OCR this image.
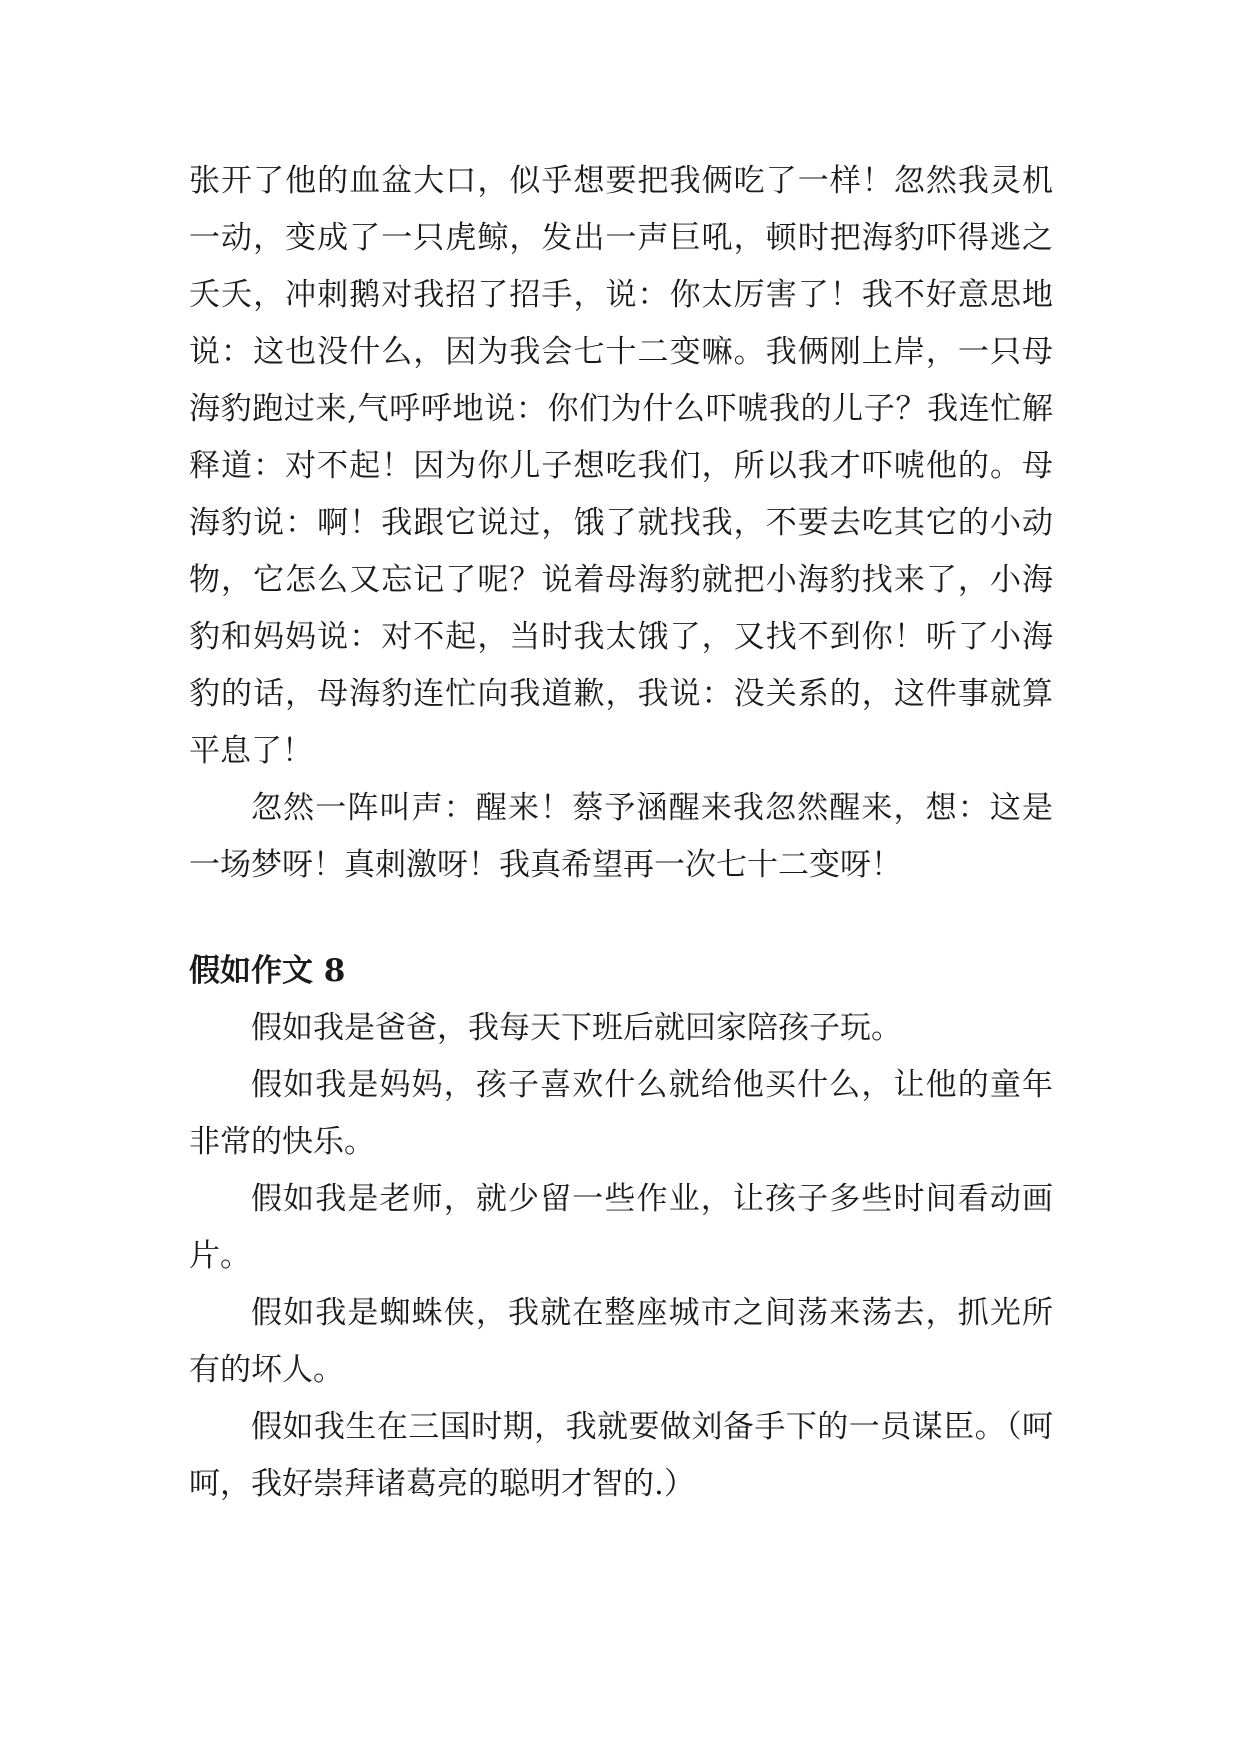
张开了他的血盆大口，似乎想要把我俩吃了一样！忽然我灵机一动，变成了一只虎鲸，发出一声巨吼，顿时把海豹吓得逃之夭夭，冲刺鹅对我招了招手，说：你太厉害了！我不好意思地说：这也没什么，因为我会七十二变嘛。我俩刚上岸，一只母海豹跑过来,气呼呼地说：你们为什么吓唬我的儿子？我连忙解释道：对不起！因为你儿子想吃我们，所以我才吓唬他的。母海豹说：啊！我跟它说过，饿了就找我，不要去吃其它的小动物，它怎么又忘记了呢？说着母海豹就把小海豹找来了，小海豹和妈妈说：对不起，当时我太饿了，又找不到你！听了小海豹的话，母海豹连忙向我道歉，我说：没关系的，这件事就算平息了！

忽然一阵叫声：醒来！蔡予涵醒来我忽然醒来，想：这是一场梦呀！真刺激呀！我真希望再一次七十二变呀！

假如作文 8

假如我是爸爸，我每天下班后就回家陪孩子玩。

假如我是妈妈，孩子喜欢什么就给他买什么，让他的童年非常的快乐。

假如我是老师，就少留一些作业，让孩子多些时间看动画片。

假如我是蜘蛛侠，我就在整座城市之间荡来荡去，抓光所有的坏人。

假如我生在三国时期，我就要做刘备手下的一员谋臣。（呵呵，我好崇拜诸葛亮的聪明才智的.）
